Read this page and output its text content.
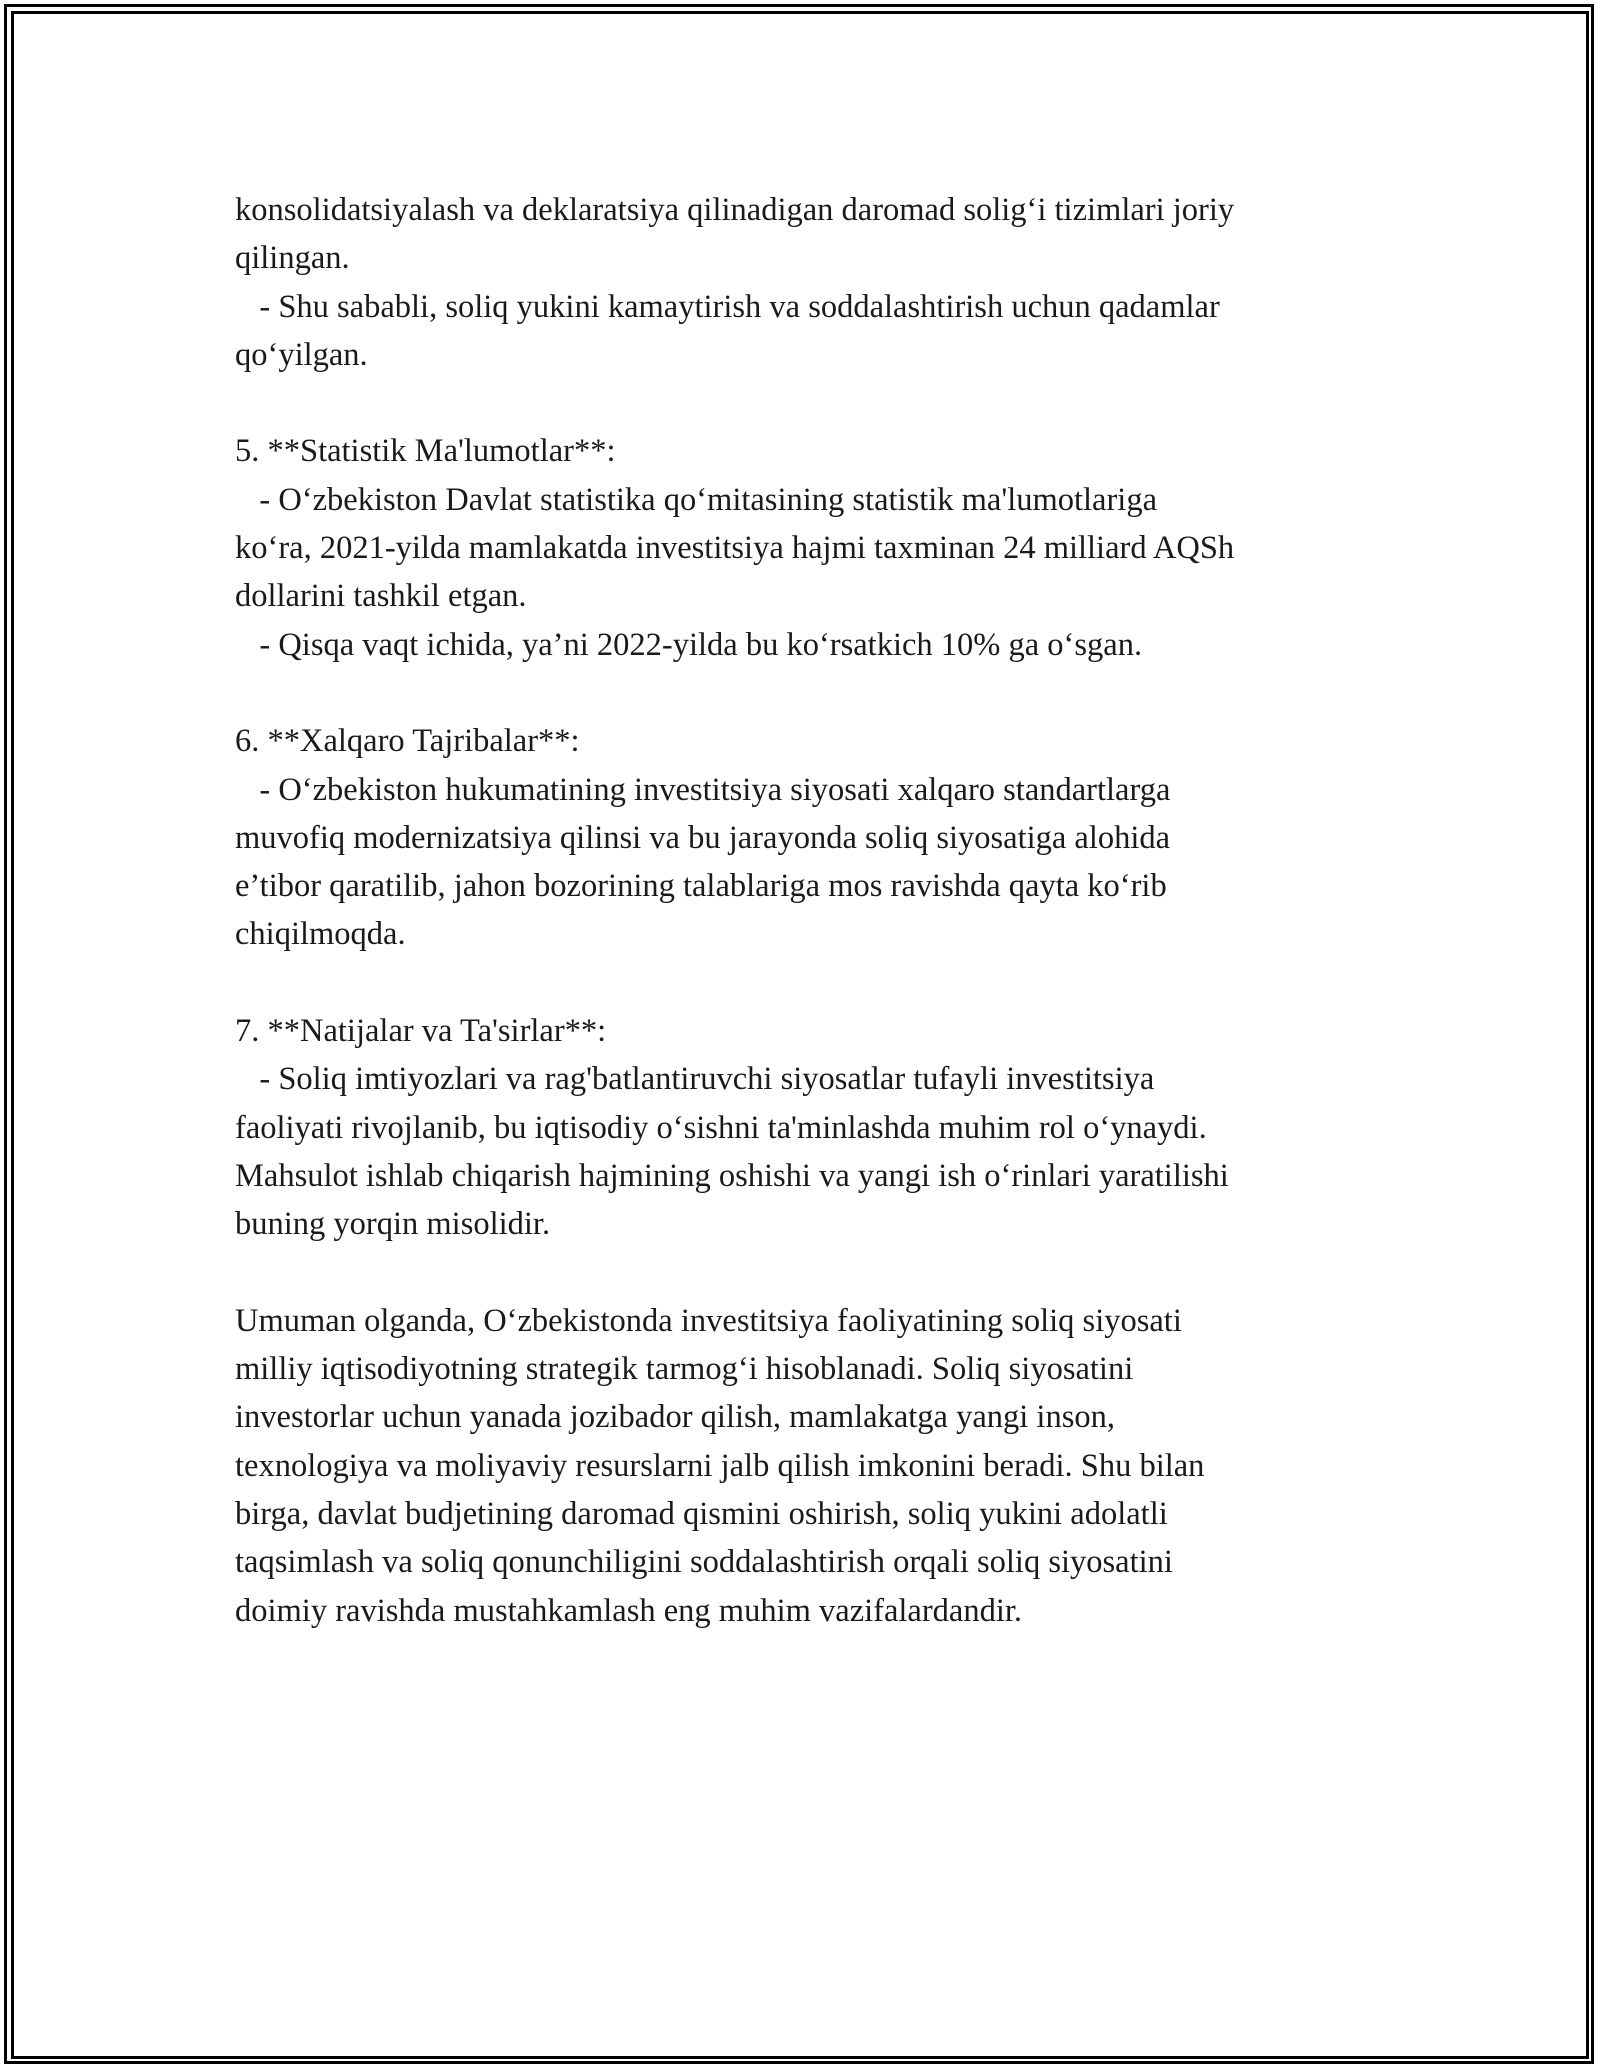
konsolidatsiyalash va deklaratsiya qilinadigan daromad solig‘i tizimlari joriy
qilingan.
- Shu sababli, soliq yukini kamaytirish va soddalashtirish uchun qadamlar
qo‘yilgan.
5. **Statistik Ma'lumotlar**:
- O‘zbekiston Davlat statistika qo‘mitasining statistik ma'lumotlariga
ko‘ra, 2021-yilda mamlakatda investitsiya hajmi taxminan 24 milliard AQSh
dollarini tashkil etgan.
- Qisqa vaqt ichida, ya’ni 2022-yilda bu ko‘rsatkich 10% ga o‘sgan.
6. **Xalqaro Tajribalar**:
- O‘zbekiston hukumatining investitsiya siyosati xalqaro standartlarga
muvofiq modernizatsiya qilinsi va bu jarayonda soliq siyosatiga alohida
e’tibor qaratilib, jahon bozorining talablariga mos ravishda qayta ko‘rib
chiqilmoqda.
7. **Natijalar va Ta'sirlar**:
- Soliq imtiyozlari va rag'batlantiruvchi siyosatlar tufayli investitsiya
faoliyati rivojlanib, bu iqtisodiy o‘sishni ta'minlashda muhim rol o‘ynaydi.
Mahsulot ishlab chiqarish hajmining oshishi va yangi ish o‘rinlari yaratilishi
buning yorqin misolidir.
Umuman olganda, O‘zbekistonda investitsiya faoliyatining soliq siyosati
milliy iqtisodiyotning strategik tarmog‘i hisoblanadi. Soliq siyosatini
investorlar uchun yanada jozibador qilish, mamlakatga yangi inson,
texnologiya va moliyaviy resurslarni jalb qilish imkonini beradi. Shu bilan
birga, davlat budjetining daromad qismini oshirish, soliq yukini adolatli
taqsimlash va soliq qonunchiligini soddalashtirish orqali soliq siyosatini
doimiy ravishda mustahkamlash eng muhim vazifalardandir.
